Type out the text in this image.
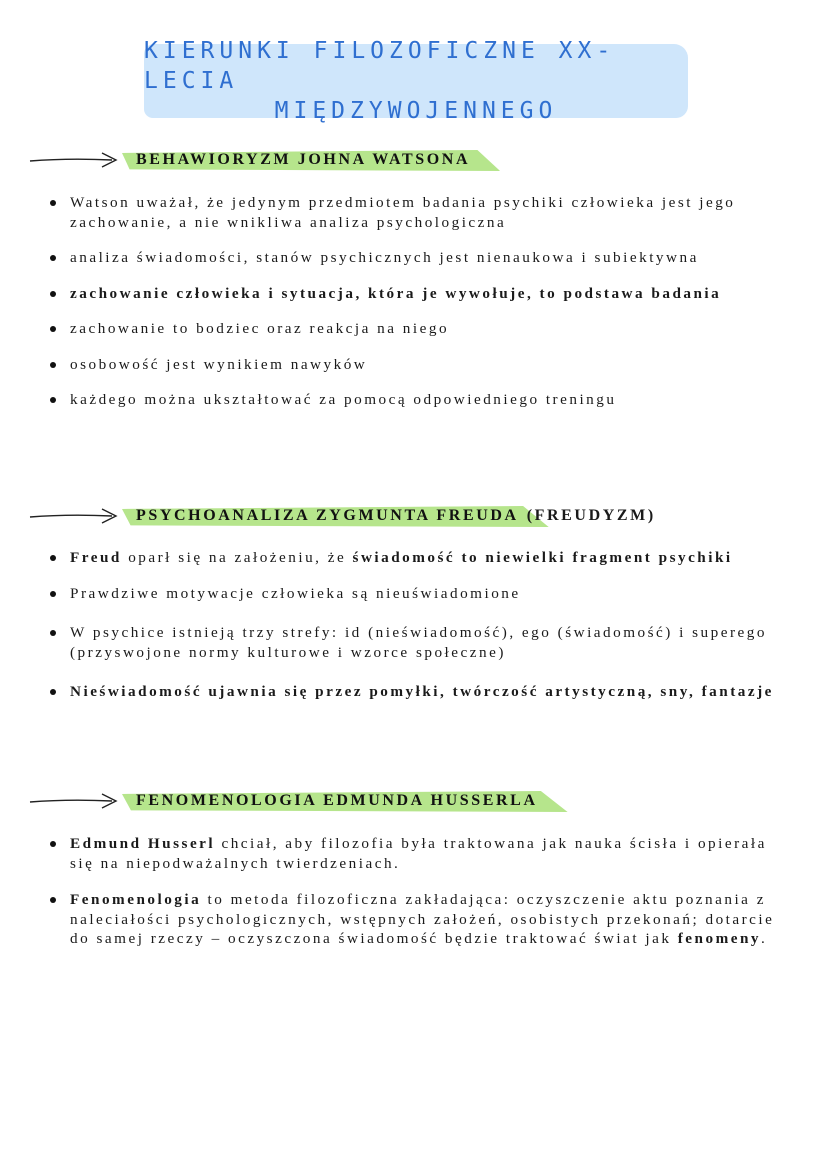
KIERUNKI FILOZOFICZNE XX-LECIA
MIĘDZYWOJENNEGO
BEHAWIORYZM JOHNA WATSONA
Watson uważał, że jedynym przedmiotem badania psychiki człowieka jest jego zachowanie, a nie wnikliwa analiza psychologiczna
analiza świadomości, stanów psychicznych jest nienaukowa i subiektywna
zachowanie człowieka i sytuacja, która je wywołuje, to podstawa badania
zachowanie to bodziec oraz reakcja na niego
osobowość jest wynikiem nawyków
każdego można ukształtować za pomocą odpowiedniego treningu
PSYCHOANALIZA ZYGMUNTA FREUDA (FREUDYZM)
Freud oparł się na założeniu, że świadomość to niewielki fragment psychiki
Prawdziwe motywacje człowieka są nieuświadomione
W psychice istnieją trzy strefy: id (nieświadomość), ego (świadomość) i superego (przyswojone normy kulturowe i wzorce społeczne)
Nieświadomość ujawnia się przez pomyłki, twórczość artystyczną, sny, fantazje
FENOMENOLOGIA EDMUNDA HUSSERLA
Edmund Husserl chciał, aby filozofia była traktowana jak nauka ścisła i opierała się na niepodważalnych twierdzeniach.
Fenomenologia to metoda filozoficzna zakładająca: oczyszczenie aktu poznania z naleciałości psychologicznych, wstępnych założeń, osobistych przekonań; dotarcie do samej rzeczy – oczyszczona świadomość będzie traktować świat jak fenomeny.
